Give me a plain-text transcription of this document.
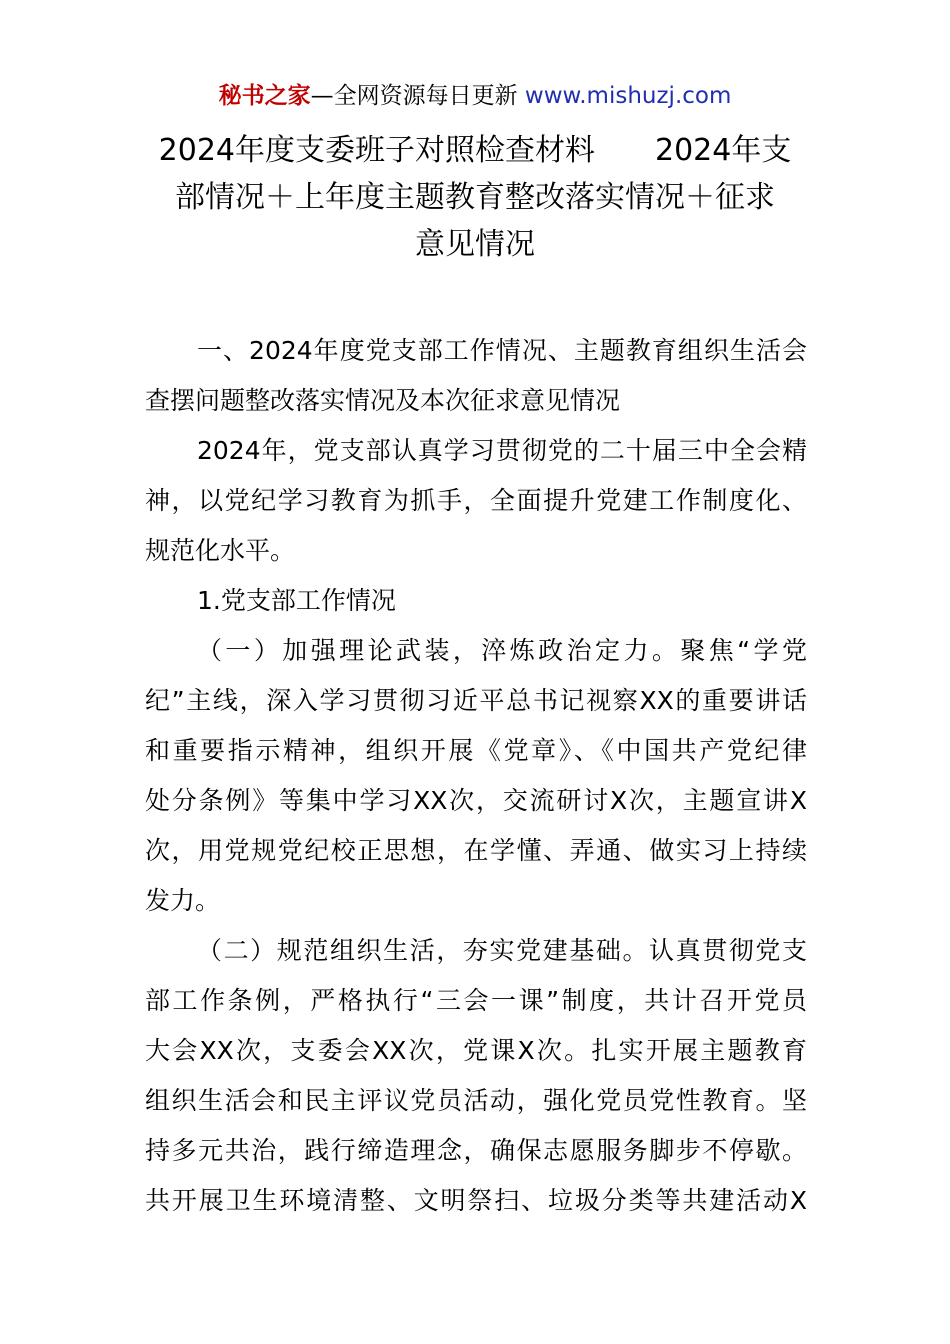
秘书之家—全网资源每日更新 www.mishuzj.com
2024年度支委班子对照检查材料　　2024年支
部情况＋上年度主题教育整改落实情况＋征求
意见情况
一、2024年度党支部工作情况、主题教育组织生活会
查摆问题整改落实情况及本次征求意见情况
2024年，党支部认真学习贯彻党的二十届三中全会精
神，以党纪学习教育为抓手，全面提升党建工作制度化、
规范化水平。
1.党支部工作情况
（一）加强理论武装，淬炼政治定力。聚焦“学党
纪”主线，深入学习贯彻习近平总书记视察XX的重要讲话
和重要指示精神，组织开展《党章》、《中国共产党纪律
处分条例》等集中学习XX次，交流研讨X次，主题宣讲X
次，用党规党纪校正思想，在学懂、弄通、做实习上持续
发力。
（二）规范组织生活，夯实党建基础。认真贯彻党支
部工作条例，严格执行“三会一课”制度，共计召开党员
大会XX次，支委会XX次，党课X次。扎实开展主题教育
组织生活会和民主评议党员活动，强化党员党性教育。坚
持多元共治，践行缔造理念，确保志愿服务脚步不停歇。
共开展卫生环境清整、文明祭扫、垃圾分类等共建活动X
